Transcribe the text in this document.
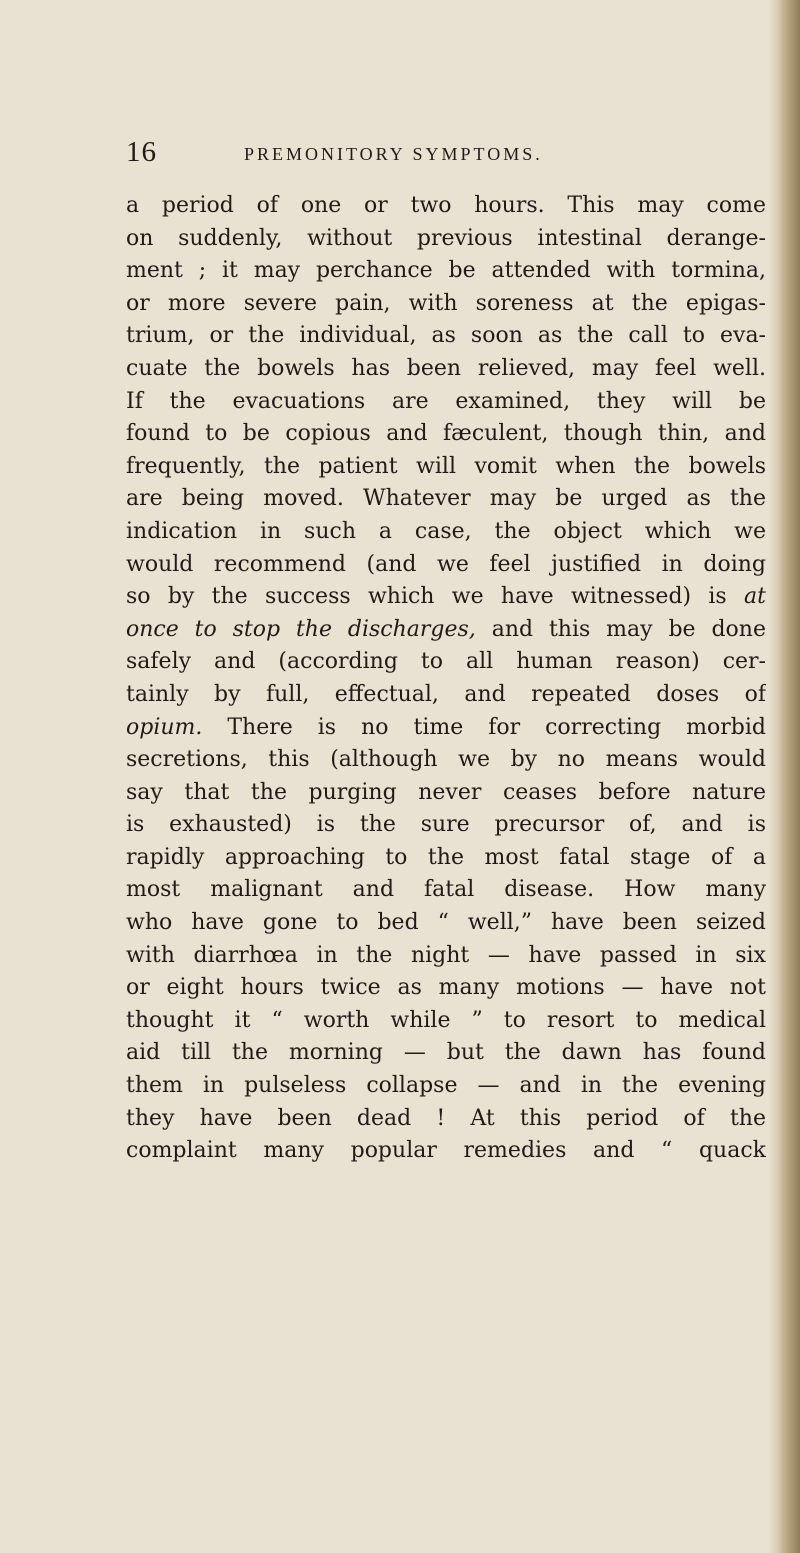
16	PREMONITORY SYMPTOMS.
a period of one or two hours. This may come
on suddenly, without previous intestinal derange-
ment ; it may perchance be attended with tormina,
or more severe pain, with soreness at the epigas-
trium, or the individual, as soon as the call to eva-
cuate the bowels has been relieved, may feel well.
If the evacuations are examined, they will be
found to be copious and fæculent, though thin, and
frequently, the patient will vomit when the bowels
are being moved. Whatever may be urged as the
indication in such a case, the object which we
would recommend (and we feel justified in doing
so by the success which we have witnessed) is at
once to stop the discharges, and this may be done
safely and (according to all human reason) cer-
tainly by full, effectual, and repeated doses of
opium. There is no time for correcting morbid
secretions, this (although we by no means would
say that the purging never ceases before nature
is exhausted) is the sure precursor of, and is
rapidly approaching to the most fatal stage of a
most malignant and fatal disease. How many
who have gone to bed “ well,” have been seized
with diarrhœa in the night — have passed in six
or eight hours twice as many motions — have not
thought it “ worth while ” to resort to medical
aid till the morning — but the dawn has found
them in pulseless collapse — and in the evening
they have been dead ! At this period of the
complaint many popular remedies and “ quack
